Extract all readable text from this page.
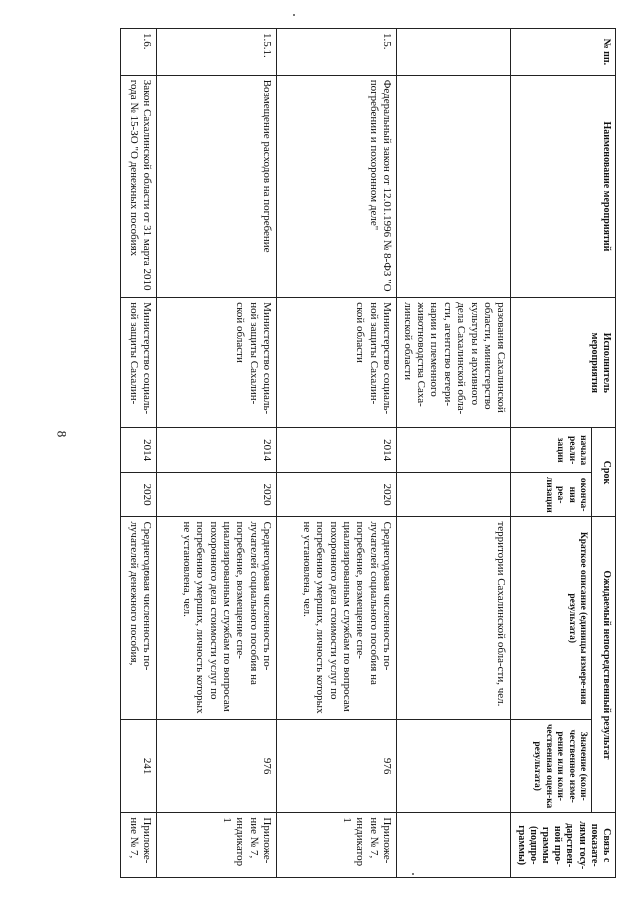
8
№ пп.	Наименование мероприятий	Исполнитель мероприятия	Срок		Ожидаемый непосредственный результат		Связь с показате-лями госу-дарствен-ной про-граммы (подпро-граммы)
			начала реали-зации	оконча-ния реа-лизации	Краткое описание (единицы измере-ния результата)	Значение (коли-чественное изме-рение или коли-чественная оцен-ка результата)	
		разования Сахалинской области, министерство культуры и архивного дела Сахалинской обла-сти, агентство ветери-нарии и племенного животноводства Саха-линской области			территории Сахалинской обла-сти, чел.		
1.5.	Федеральный закон от 12.01.1996 № 8-ФЗ "О погребении и похоронном деле"	Министерство социаль-ной защиты Сахалин-ской области	2014	2020	Среднегодовая численность по-лучателей социального пособия на погребение, возмещение спе-циализированным службам по вопросам похоронного дела стоимости услуг по погребению умерших, личность которых не установлена, чел.	976	Приложе-ние № 7, индикатор 1
1.5.1.	Возмещение расходов на погребение	Министерство социаль-ной защиты Сахалин-ской области	2014	2020	Среднегодовая численность по-лучателей социального пособия на погребение, возмещение спе-циализированным службам по вопросам похоронного дела стоимости услуг по погребению умерших, личность которых не установлена, чел.	976	Приложе-ние № 7, индикатор 1
1.6.	Закон Сахалинской области от 31 марта 2010 года № 15-ЗО "О денежных пособиях	Министерство социаль-ной защиты Сахалин-	2014	2020	Среднегодовая численность по-лучателей денежного пособия,	241	Приложе-ние № 7,
